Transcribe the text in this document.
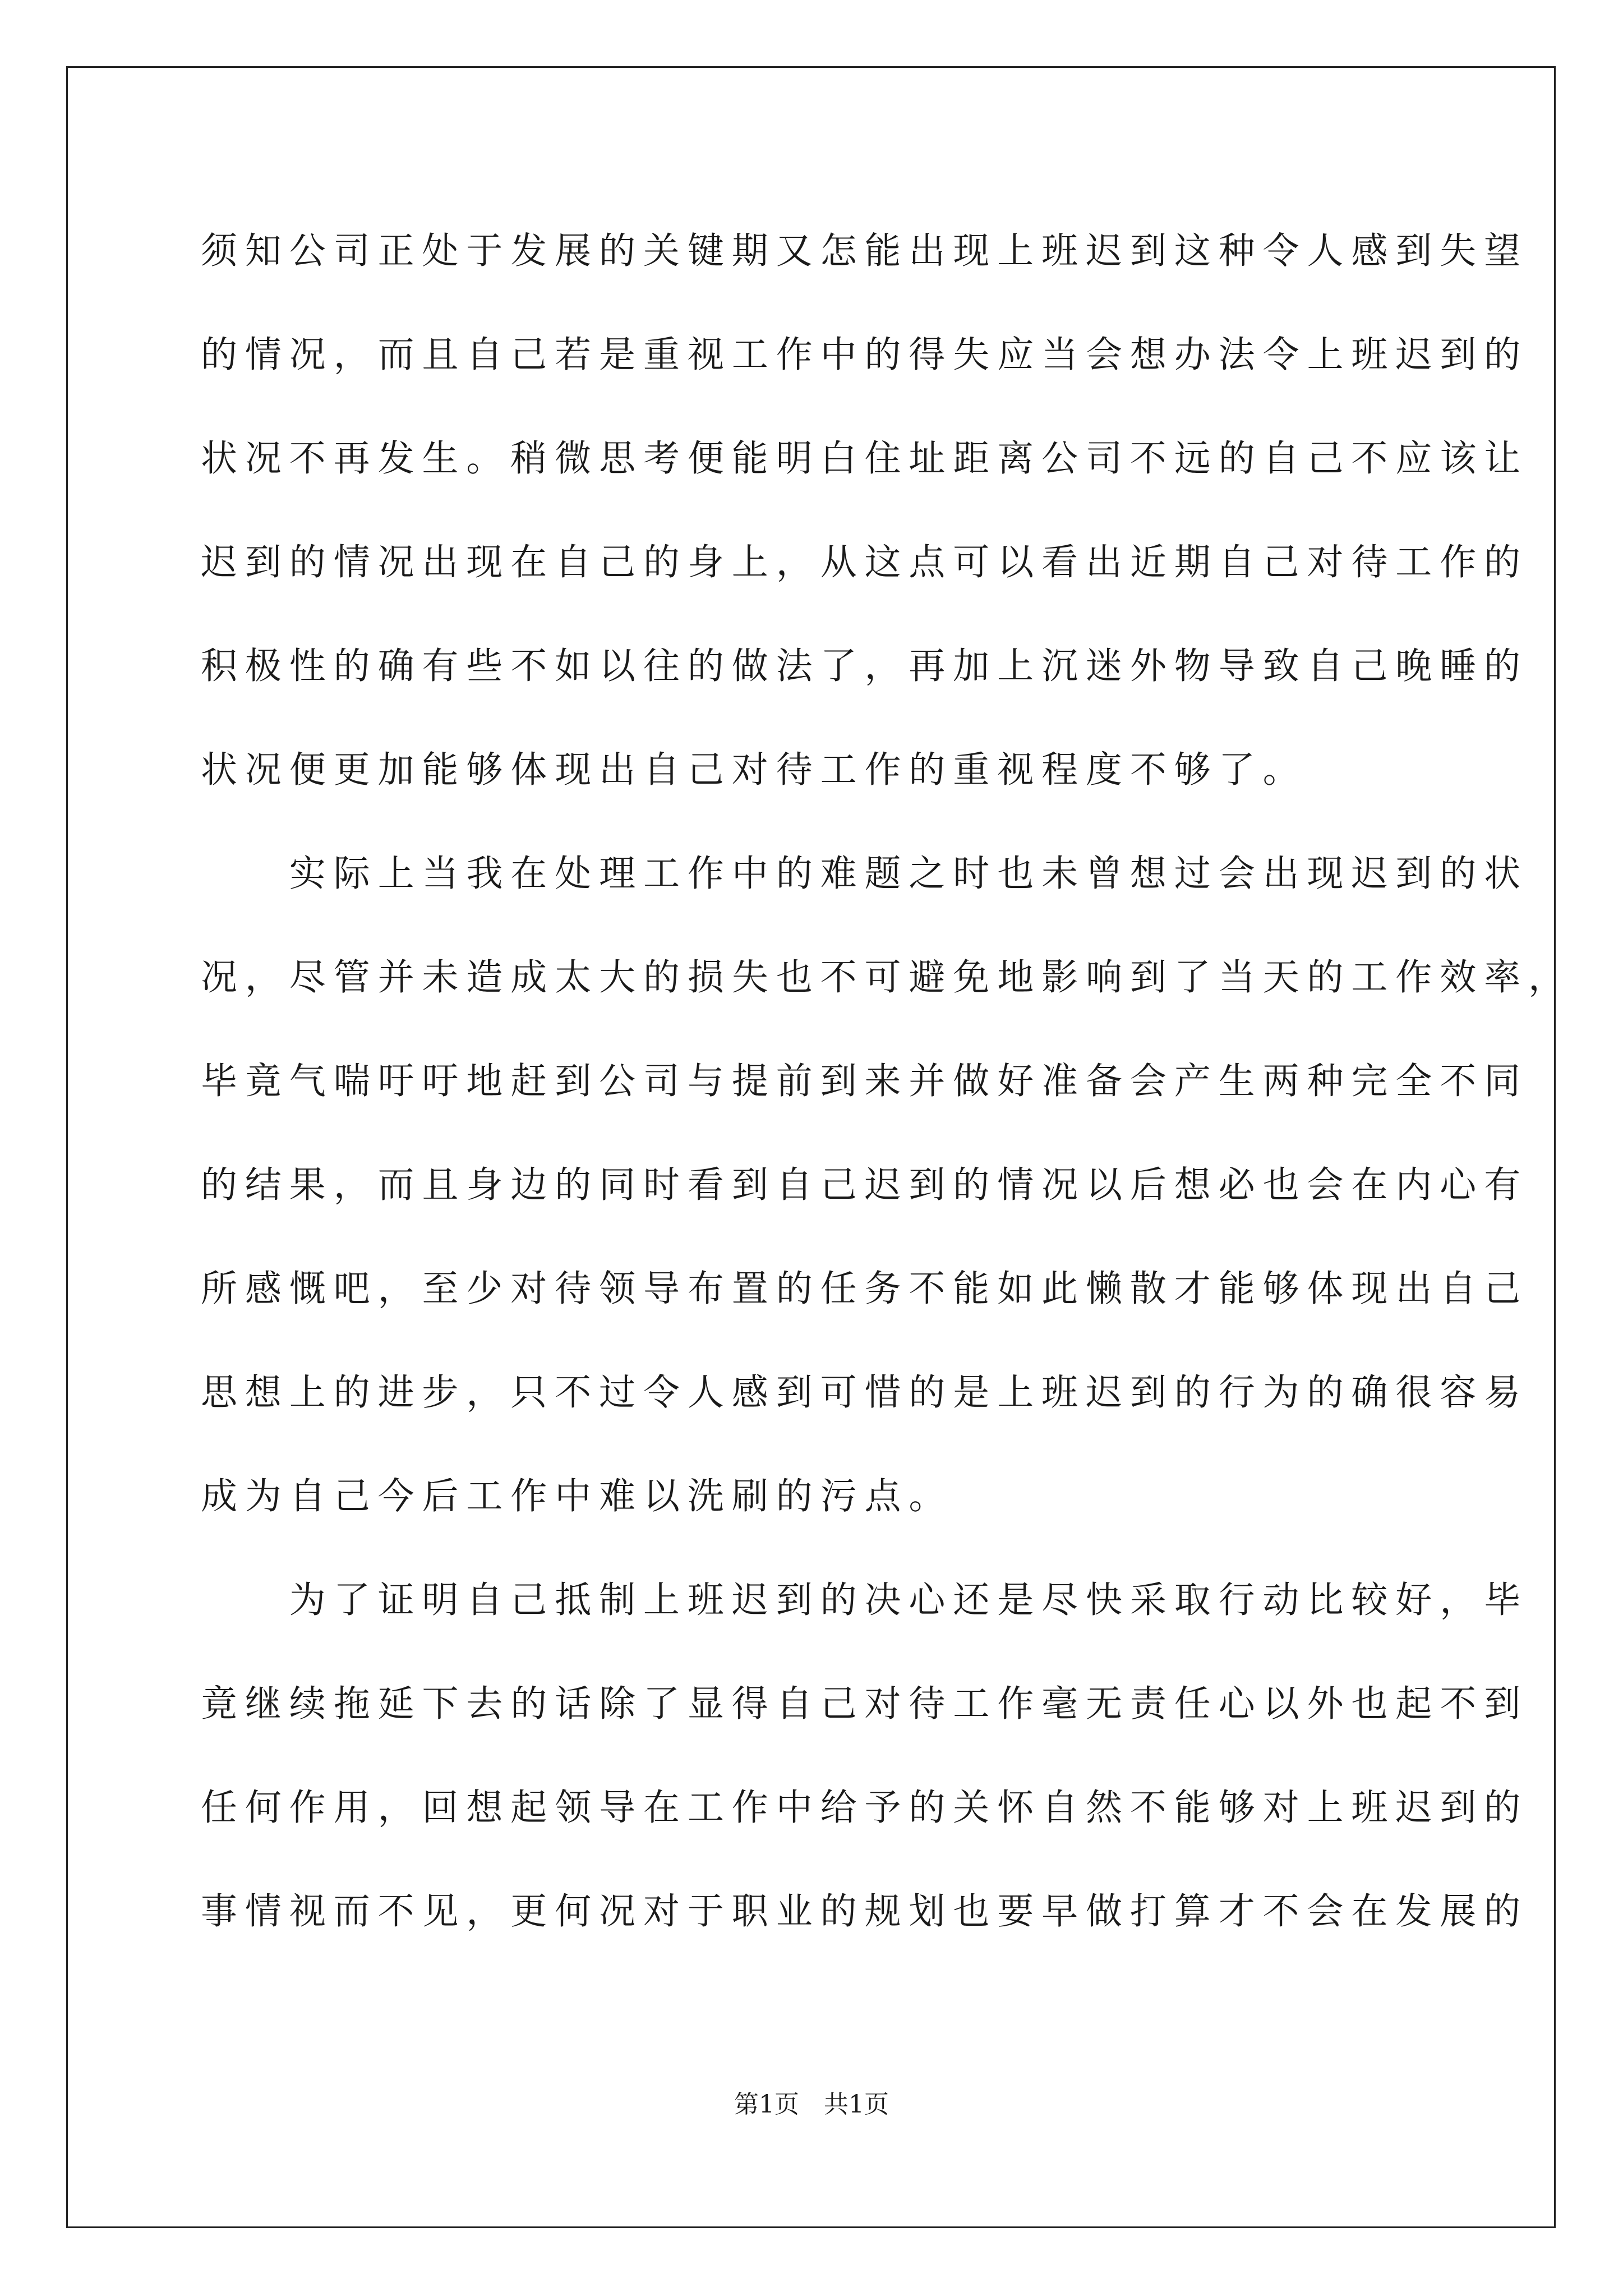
须知公司正处于发展的关键期又怎能出现上班迟到这种令人感到失望
的情况，而且自己若是重视工作中的得失应当会想办法令上班迟到的
状况不再发生。稍微思考便能明白住址距离公司不远的自己不应该让
迟到的情况出现在自己的身上，从这点可以看出近期自己对待工作的
积极性的确有些不如以往的做法了，再加上沉迷外物导致自己晚睡的
状况便更加能够体现出自己对待工作的重视程度不够了。
　　实际上当我在处理工作中的难题之时也未曾想过会出现迟到的状
况，尽管并未造成太大的损失也不可避免地影响到了当天的工作效率，
毕竟气喘吁吁地赶到公司与提前到来并做好准备会产生两种完全不同
的结果，而且身边的同时看到自己迟到的情况以后想必也会在内心有
所感慨吧，至少对待领导布置的任务不能如此懒散才能够体现出自己
思想上的进步，只不过令人感到可惜的是上班迟到的行为的确很容易
成为自己今后工作中难以洗刷的污点。
　　为了证明自己抵制上班迟到的决心还是尽快采取行动比较好，毕
竟继续拖延下去的话除了显得自己对待工作毫无责任心以外也起不到
任何作用，回想起领导在工作中给予的关怀自然不能够对上班迟到的
事情视而不见，更何况对于职业的规划也要早做打算才不会在发展的
第1页　共1页
